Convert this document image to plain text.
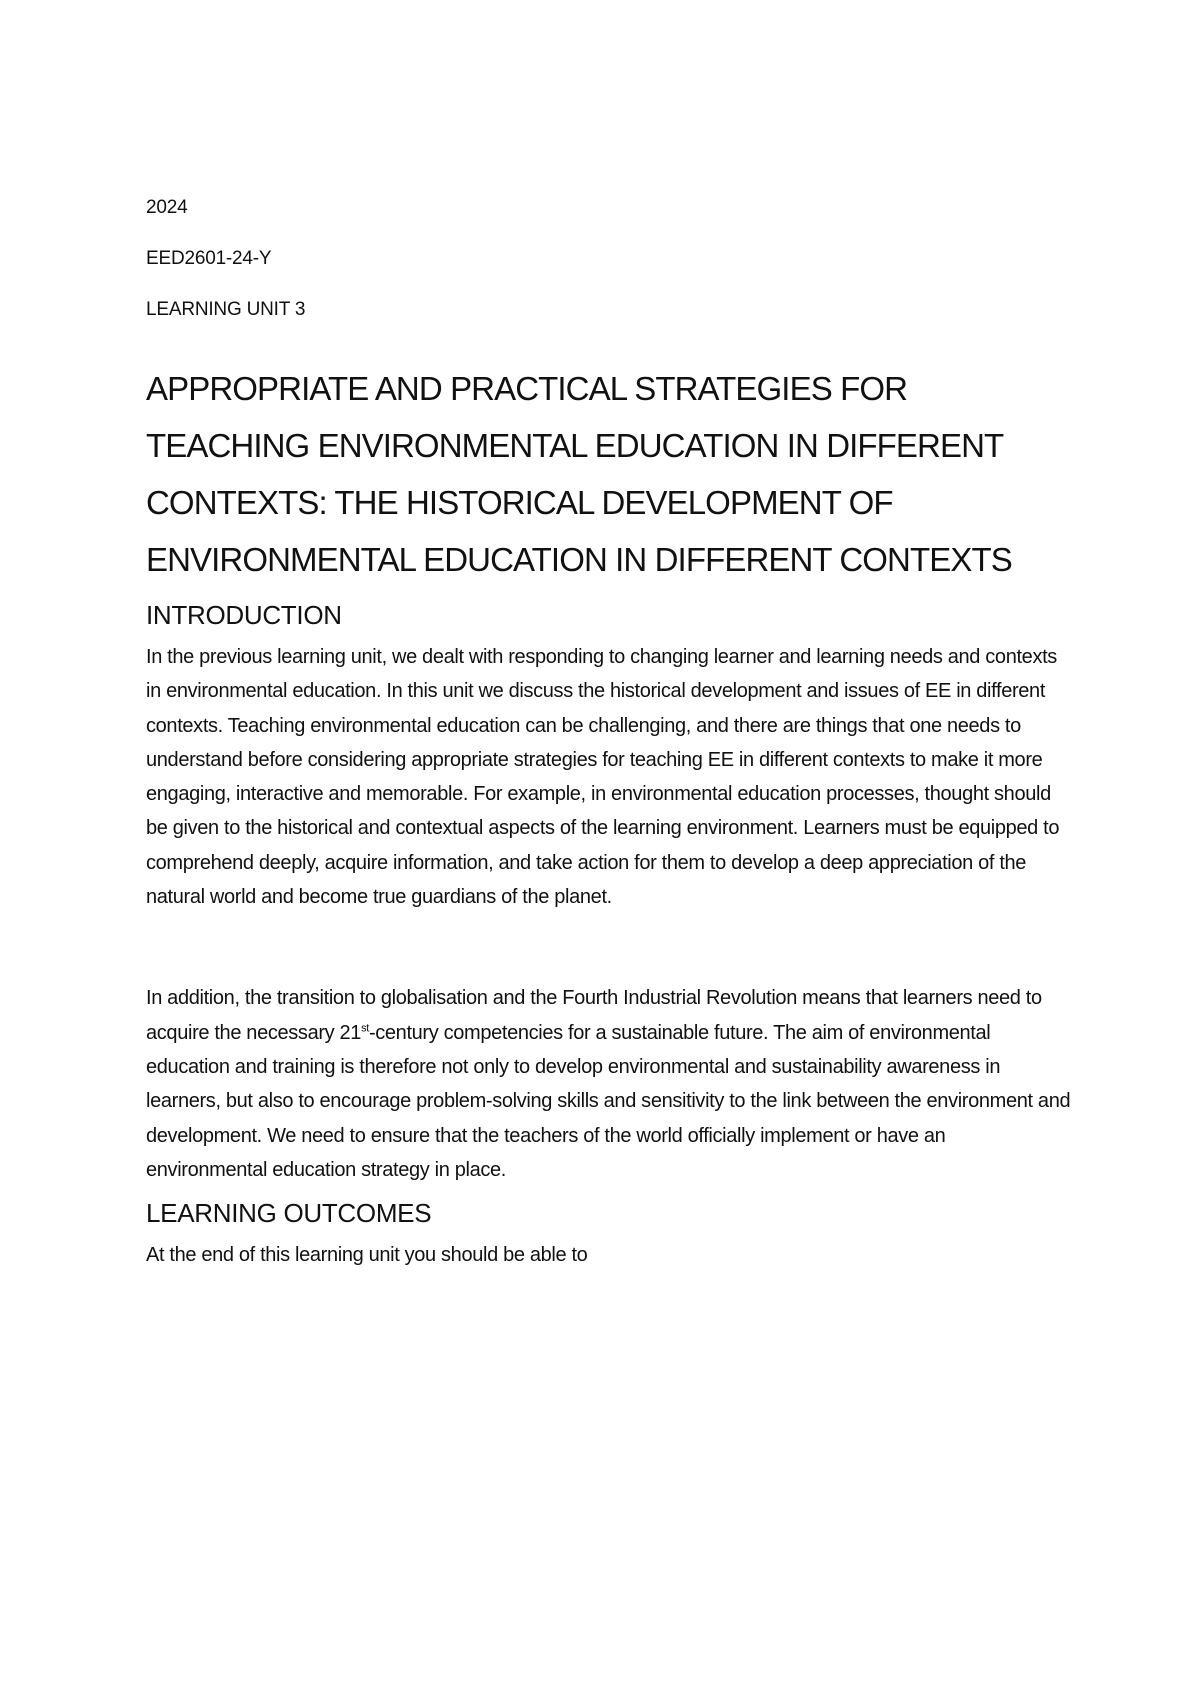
2024

EED2601-24-Y

LEARNING UNIT 3

APPROPRIATE AND PRACTICAL STRATEGIES FOR TEACHING ENVIRONMENTAL EDUCATION IN DIFFERENT CONTEXTS: THE HISTORICAL DEVELOPMENT OF ENVIRONMENTAL EDUCATION IN DIFFERENT CONTEXTS
INTRODUCTION

In the previous learning unit, we dealt with responding to changing learner and learning needs and contexts in environmental education. In this unit we discuss the historical development and issues of EE in different contexts. Teaching environmental education can be challenging, and there are things that one needs to understand before considering appropriate strategies for teaching EE in different contexts to make it more engaging, interactive and memorable. For example, in environmental education processes, thought should be given to the historical and contextual aspects of the learning environment. Learners must be equipped to comprehend deeply, acquire information, and take action for them to develop a deep appreciation of the natural world and become true guardians of the planet.

In addition, the transition to globalisation and the Fourth Industrial Revolution means that learners need to acquire the necessary 21st-century competencies for a sustainable future. The aim of environmental education and training is therefore not only to develop environmental and sustainability awareness in learners, but also to encourage problem-solving skills and sensitivity to the link between the environment and development. We need to ensure that the teachers of the world officially implement or have an environmental education strategy in place.

LEARNING OUTCOMES

At the end of this learning unit you should be able to
